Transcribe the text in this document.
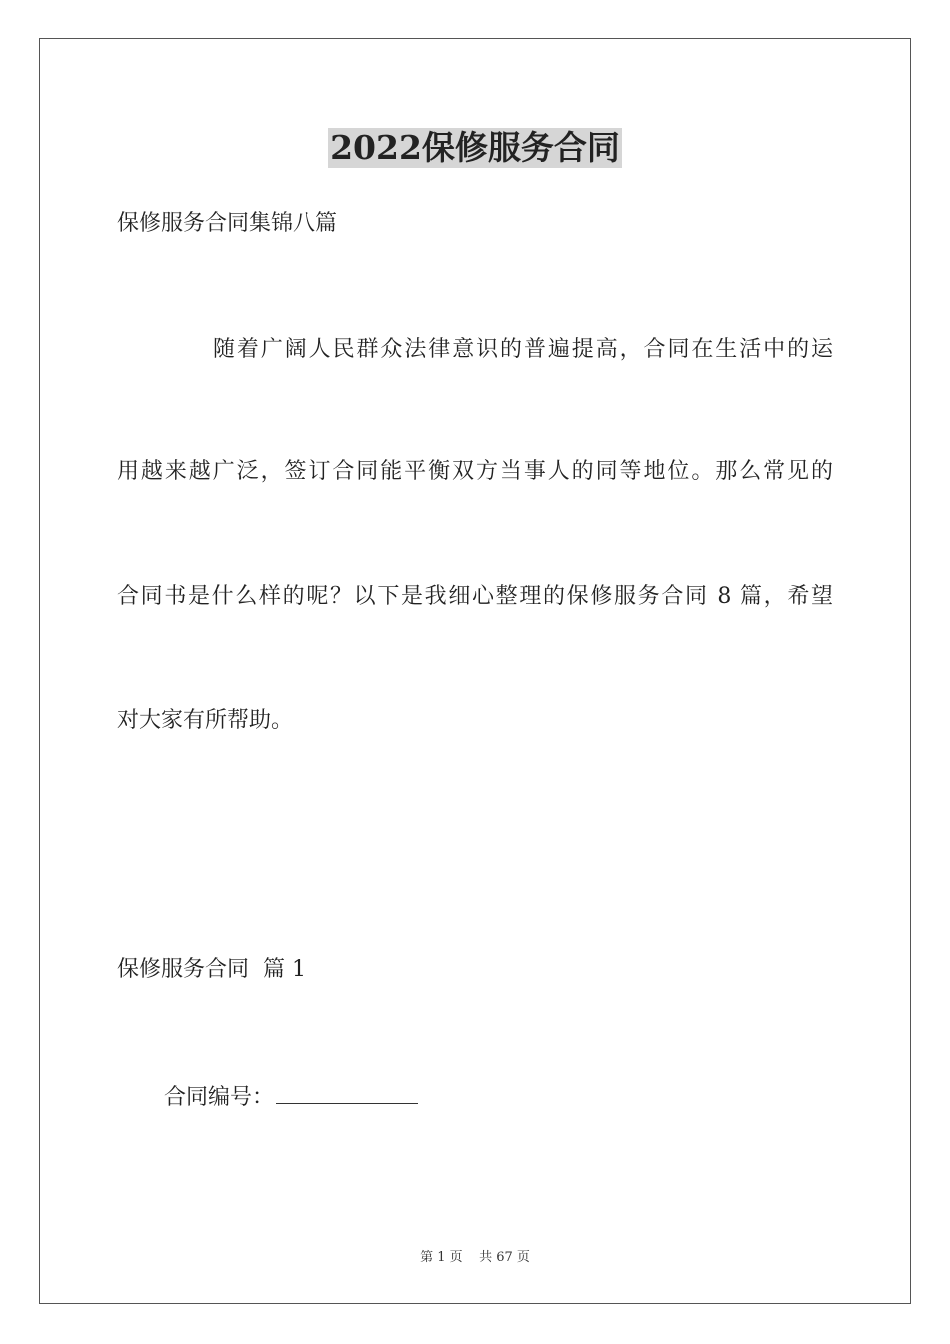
2022保修服务合同
保修服务合同集锦八篇
随着广阔人民群众法律意识的普遍提高，合同在生活中的运
用越来越广泛，签订合同能平衡双方当事人的同等地位。那么常见的
合同书是什么样的呢？以下是我细心整理的保修服务合同 8 篇，希望
对大家有所帮助。
保修服务合同  篇 1
合同编号：
第 1 页    共 67 页
